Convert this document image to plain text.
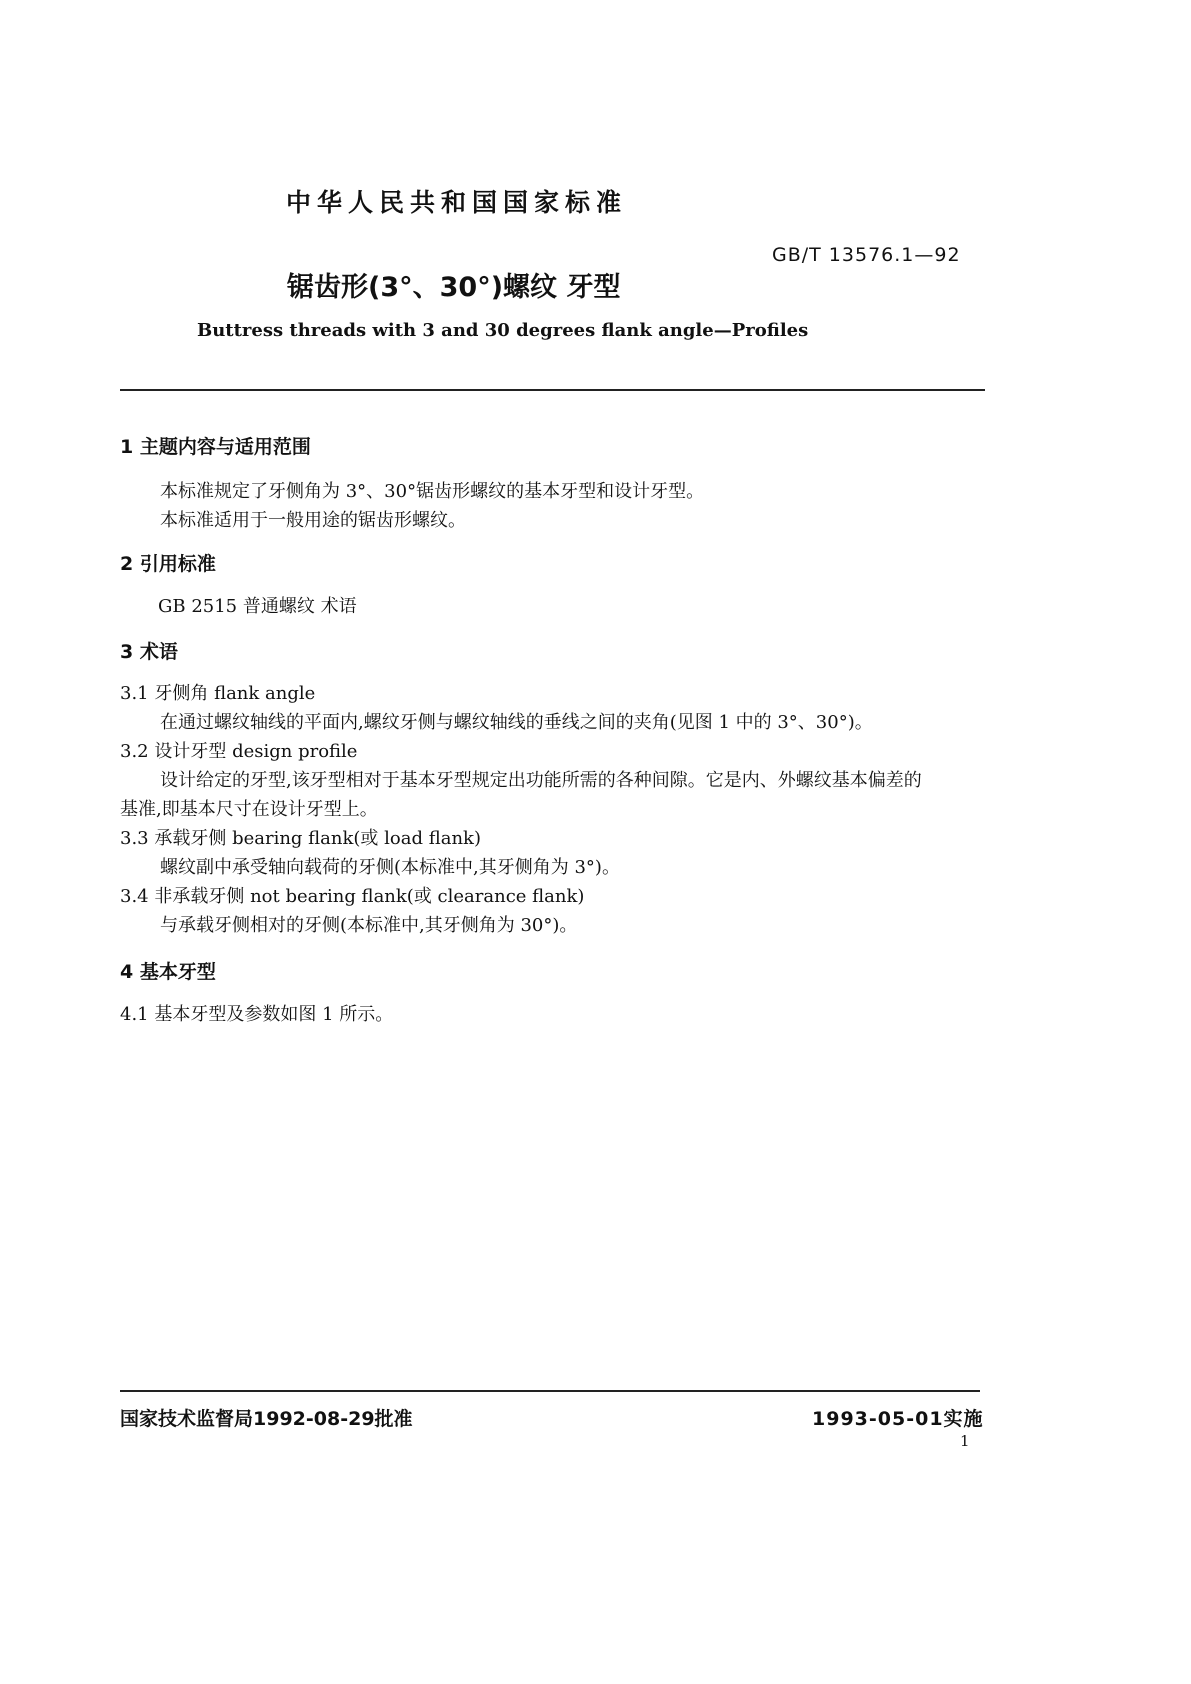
中华人民共和国国家标准
GB/T 13576.1—92
锯齿形(3°、30°)螺纹 牙型
Buttress threads with 3 and 30 degrees flank angle—Profiles
1 主题内容与适用范围
本标准规定了牙侧角为 3°、30°锯齿形螺纹的基本牙型和设计牙型。
本标准适用于一般用途的锯齿形螺纹。
2 引用标准
GB 2515 普通螺纹 术语
3 术语
3.1 牙侧角 flank angle
在通过螺纹轴线的平面内,螺纹牙侧与螺纹轴线的垂线之间的夹角(见图 1 中的 3°、30°)。
3.2 设计牙型 design profile
设计给定的牙型,该牙型相对于基本牙型规定出功能所需的各种间隙。它是内、外螺纹基本偏差的
基准,即基本尺寸在设计牙型上。
3.3 承载牙侧 bearing flank(或 load flank)
螺纹副中承受轴向载荷的牙侧(本标准中,其牙侧角为 3°)。
3.4 非承载牙侧 not bearing flank(或 clearance flank)
与承载牙侧相对的牙侧(本标准中,其牙侧角为 30°)。
4 基本牙型
4.1 基本牙型及参数如图 1 所示。
国家技术监督局1992-08-29批准	1993-05-01实施
1
